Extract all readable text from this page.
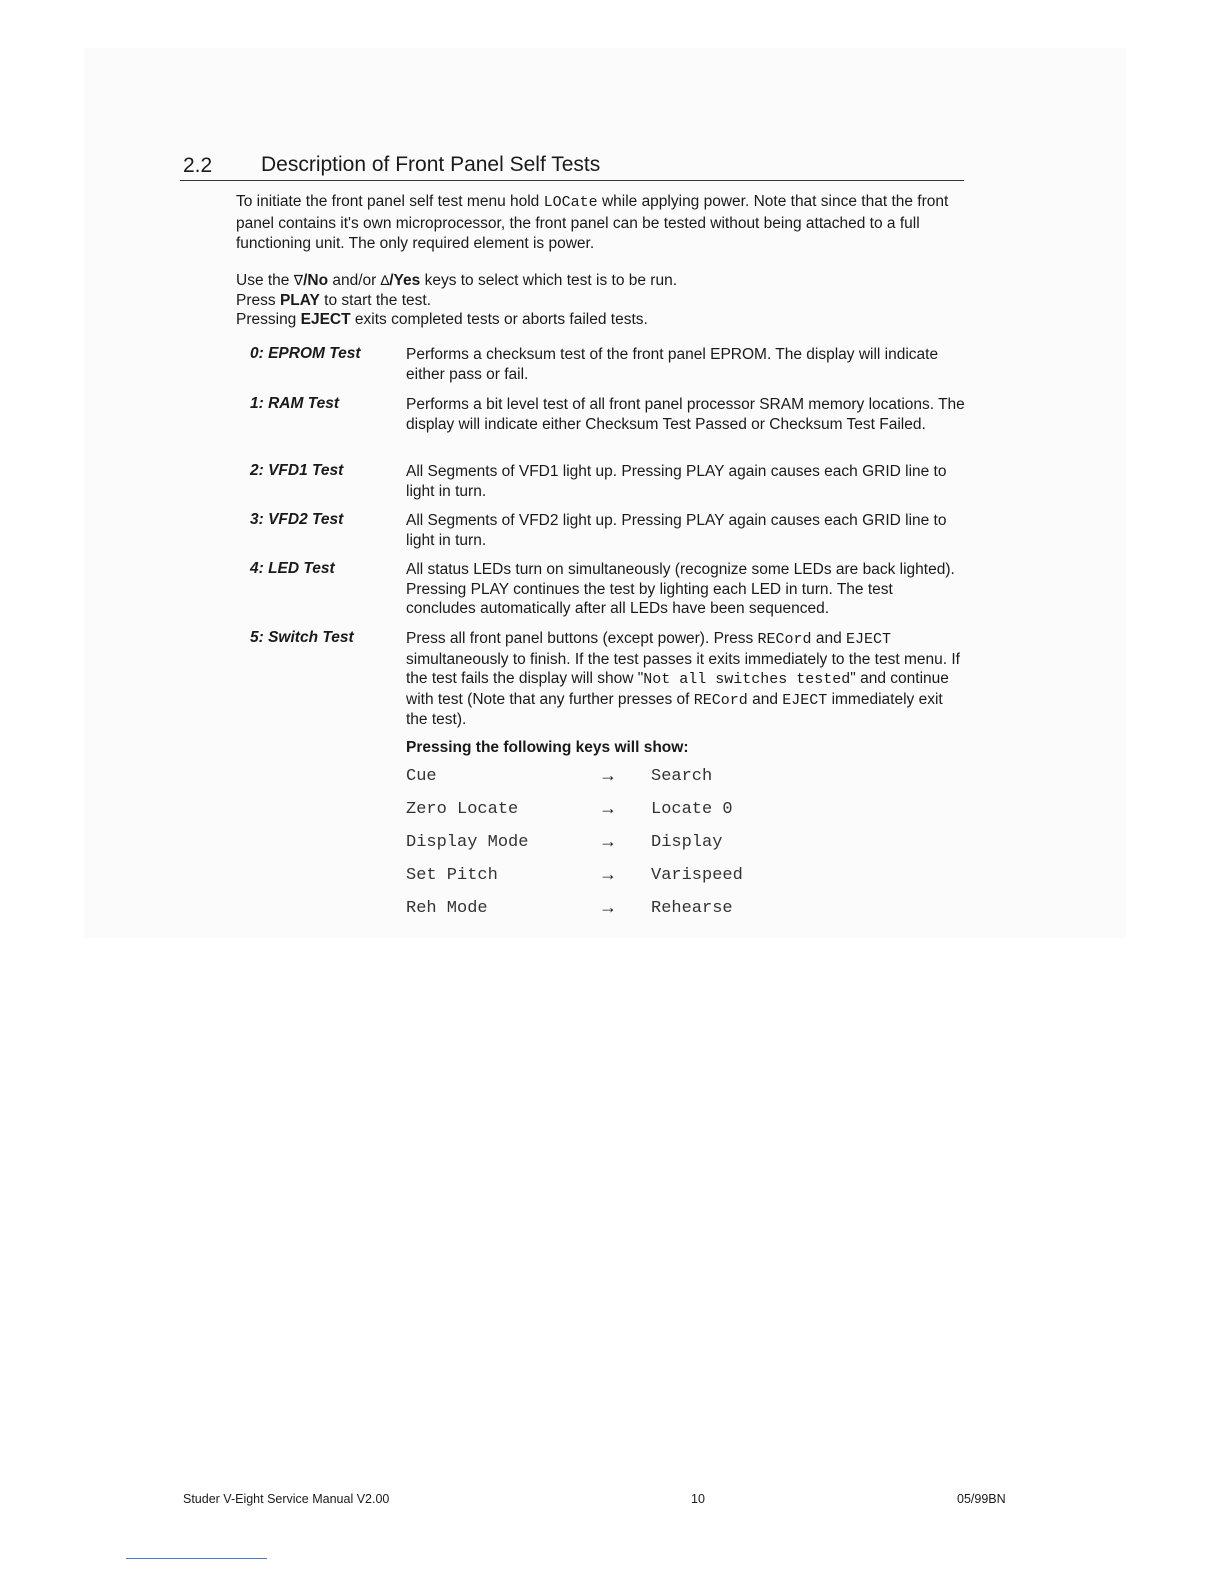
2.2 Description of Front Panel Self Tests

To initiate the front panel self test menu hold LOCate while applying power. Note that since that the front panel contains it's own microprocessor, the front panel can be tested without being attached to a full functioning unit. The only required element is power.

Use the ∇/No and/or ∆/Yes keys to select which test is to be run.
Press PLAY to start the test.
Pressing EJECT exits completed tests or aborts failed tests.
0: EPROM Test	Performs a checksum test of the front panel EPROM. The display will indicate either pass or fail.
1: RAM Test	Performs a bit level test of all front panel processor SRAM memory locations. The display will indicate either Checksum Test Passed or Checksum Test Failed.
2: VFD1 Test	All Segments of VFD1 light up. Pressing PLAY again causes each GRID line to light in turn.
3: VFD2 Test	All Segments of VFD2 light up. Pressing PLAY again causes each GRID line to light in turn.
4: LED Test	All status LEDs turn on simultaneously (recognize some LEDs are back lighted). Pressing PLAY continues the test by lighting each LED in turn. The test concludes automatically after all LEDs have been sequenced.
5: Switch Test	Press all front panel buttons (except power). Press RECord and EJECT simultaneously to finish. If the test passes it exits immediately to the test menu. If the test fails the display will show "Not all switches tested" and continue with test (Note that any further presses of RECord and EJECT immediately exit the test).
Pressing the following keys will show:
Cue	→ Search
Zero Locate	→ Locate 0
Display Mode	→ Display
Set Pitch	→ Varispeed
Reh Mode	→ Rehearse
Studer V-Eight Service Manual V2.00	10	05/99BN
